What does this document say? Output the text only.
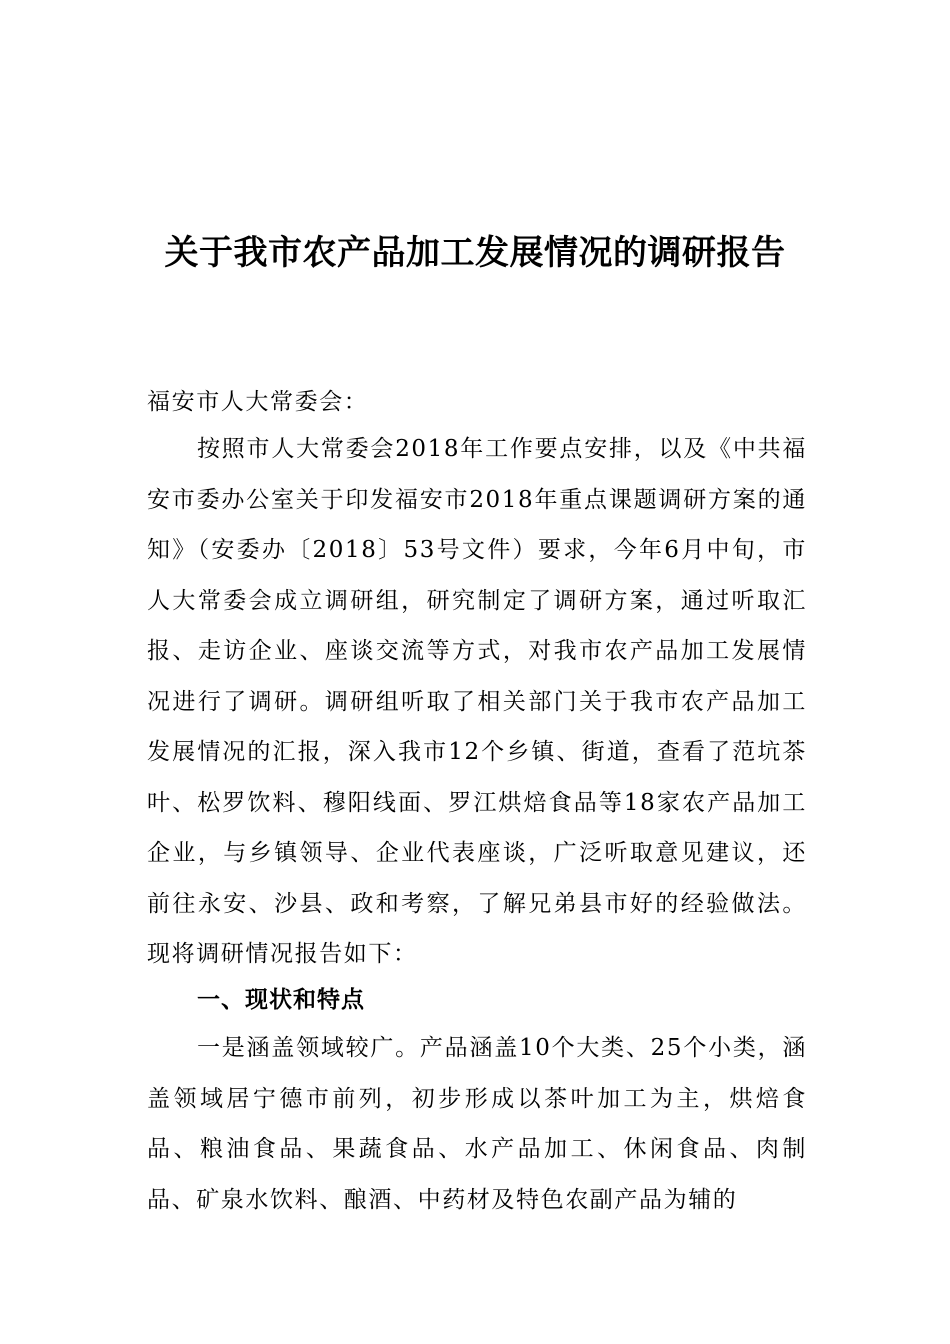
关于我市农产品加工发展情况的调研报告
福安市人大常委会：
按照市人大常委会2018年工作要点安排，以及《中共福安市委办公室关于印发福安市2018年重点课题调研方案的通知》（安委办〔2018〕53号文件）要求，今年6月中旬，市人大常委会成立调研组，研究制定了调研方案，通过听取汇报、走访企业、座谈交流等方式，对我市农产品加工发展情况进行了调研。调研组听取了相关部门关于我市农产品加工发展情况的汇报，深入我市12个乡镇、街道，查看了范坑茶叶、松罗饮料、穆阳线面、罗江烘焙食品等18家农产品加工企业，与乡镇领导、企业代表座谈，广泛听取意见建议，还前往永安、沙县、政和考察，了解兄弟县市好的经验做法。现将调研情况报告如下：
一、现状和特点
一是涵盖领域较广。产品涵盖10个大类、25个小类，涵盖领域居宁德市前列，初步形成以茶叶加工为主，烘焙食品、粮油食品、果蔬食品、水产品加工、休闲食品、肉制品、矿泉水饮料、酿酒、中药材及特色农副产品为辅的
